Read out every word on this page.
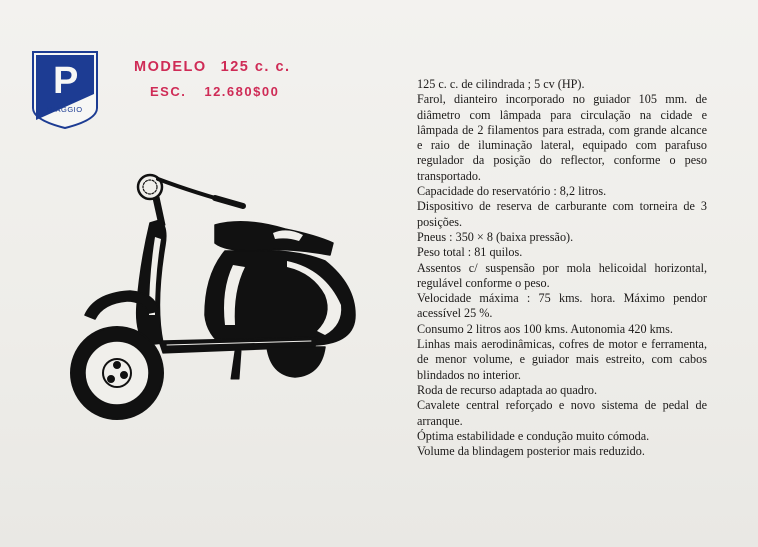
P
PIAGGIO
MODELO 125 c. c.
ESC. 12.680$00	125 c. c. de cilindrada ; 5 cv (HP).

Farol, dianteiro incorporado no guiador 105 mm. de diâmetro com lâmpada para circulação na cidade e lâmpada de 2 filamentos para estrada, com grande alcance e raio de iluminação lateral, equipado com parafuso regulador da posição do reflector, conforme o peso transportado.

Capacidade do reservatório : 8,2 litros.

Dispositivo de reserva de carburante com torneira de 3 posições.

Pneus : 350 × 8 (baixa pressão).

Peso total : 81 quilos.

Assentos c/ suspensão por mola helicoidal horizontal, regulável conforme o peso.

Velocidade máxima : 75 kms. hora. Máximo pendor acessível 25 %.

Consumo 2 litros aos 100 kms. Autonomia 420 kms.

Linhas mais aerodinâmicas, cofres de motor e ferramenta, de menor volume, e guiador mais estreito, com cabos blindados no interior.

Roda de recurso adaptada ao quadro.

Cavalete central reforçado e novo sistema de pedal de arranque.

Óptima estabilidade e condução muito cómoda.

Volume da blindagem posterior mais reduzido.
